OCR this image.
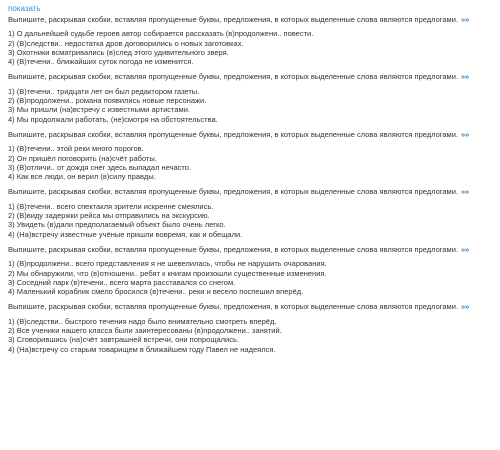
показать

Выпишите, раскрывая скобки, вставляя пропущенные буквы, предложения, в которых выделенные слова являются предлогами. »»

1) О дальнейшей судьбе героев автор собирается рассказать (в)продолжени.. повести.
2) (В)следстви.. недостатка дров договорились о новых заготовках.
3) Охотники всматривались (в)след этого удивительного зверя.
4) (В)течени.. ближайших суток погода не изменится.

Выпишите, раскрывая скобки, вставляя пропущенные буквы, предложения, в которых выделенные слова являются предлогами. »»

1) (В)течени.. тридцати лет он был редактором газеты.
2) (В)продолжени.. романа появились новые персонажи.
3) Мы пришли (на)встречу с известными артистами.
4) Мы продолжали работать, (не)смотря на обстоятельства.

Выпишите, раскрывая скобки, вставляя пропущенные буквы, предложения, в которых выделенные слова являются предлогами. »»

1) (В)течени.. этой реки много порогов.
2) Он пришёл поговорить (на)счёт работы.
3) (В)отличи.. от дождя снег здесь выпадал нечасто.
4) Как все люди, он верил (в)силу правды.

Выпишите, раскрывая скобки, вставляя пропущенные буквы, предложения, в которых выделенные слова являются предлогами. »»

1) (В)течени.. всего спектакля зрители искренне смеялись.
2) (В)виду задержки рейса мы отправились на экскурсию.
3) Увидеть (в)дали предполагаемый объект было очень легко.
4) (На)встречу известные учёные пришли вовремя, как и обещали.

Выпишите, раскрывая скобки, вставляя пропущенные буквы, предложения, в которых выделенные слова являются предлогами. »»

1) (В)продолжени.. всего представления я не шевелилась, чтобы не нарушить очарования.
2) Мы обнаружили, что (в)отношени.. ребят к книгам произошли существенные изменения.
3) Соседний парк (в)течени.. всего марта расставался со снегом.
4) Маленький кораблик смело бросился (в)течени.. реки и весело поспешил вперёд.

Выпишите, раскрывая скобки, вставляя пропущенные буквы, предложения, в которых выделенные слова являются предлогами. »»

1) (В)следстви.. быстрого течения надо было внимательно смотреть вперёд.
2) Все ученики нашего класса были заинтересованы (в)продолжени.. занятий.
3) Сговорившись (на)счёт завтрашней встречи, они попрощались.
4) (На)встречу со старым товарищем в ближайшем году Павел не надеялся.
